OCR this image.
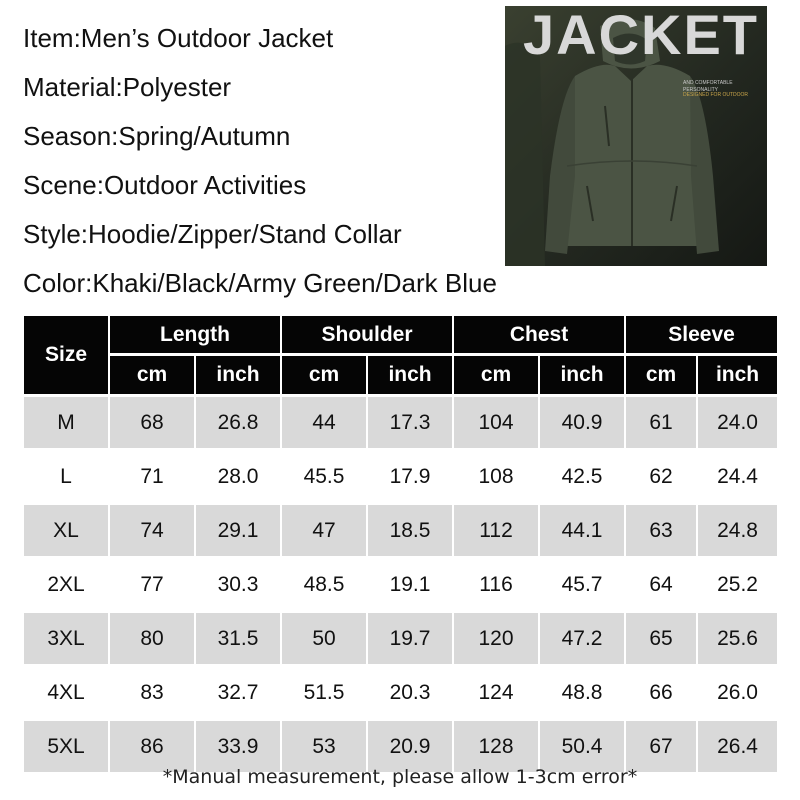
Item:Men’s Outdoor Jacket
Material:Polyester
Season:Spring/Autumn
Scene:Outdoor Activities
Style:Hoodie/Zipper/Stand Collar
Color:Khaki/Black/Army Green/Dark Blue
JACKET
AND COMFORTABLE PERSONALITY
DESIGNED FOR OUTDOOR
Size	Length		Shoulder		Chest		Sleeve	
	cm	inch	cm	inch	cm	inch	cm	inch
M	68	26.8	44	17.3	104	40.9	61	24.0
L	71	28.0	45.5	17.9	108	42.5	62	24.4
XL	74	29.1	47	18.5	112	44.1	63	24.8
2XL	77	30.3	48.5	19.1	116	45.7	64	25.2
3XL	80	31.5	50	19.7	120	47.2	65	25.6
4XL	83	32.7	51.5	20.3	124	48.8	66	26.0
5XL	86	33.9	53	20.9	128	50.4	67	26.4
*Manual measurement, please allow 1-3cm error*
